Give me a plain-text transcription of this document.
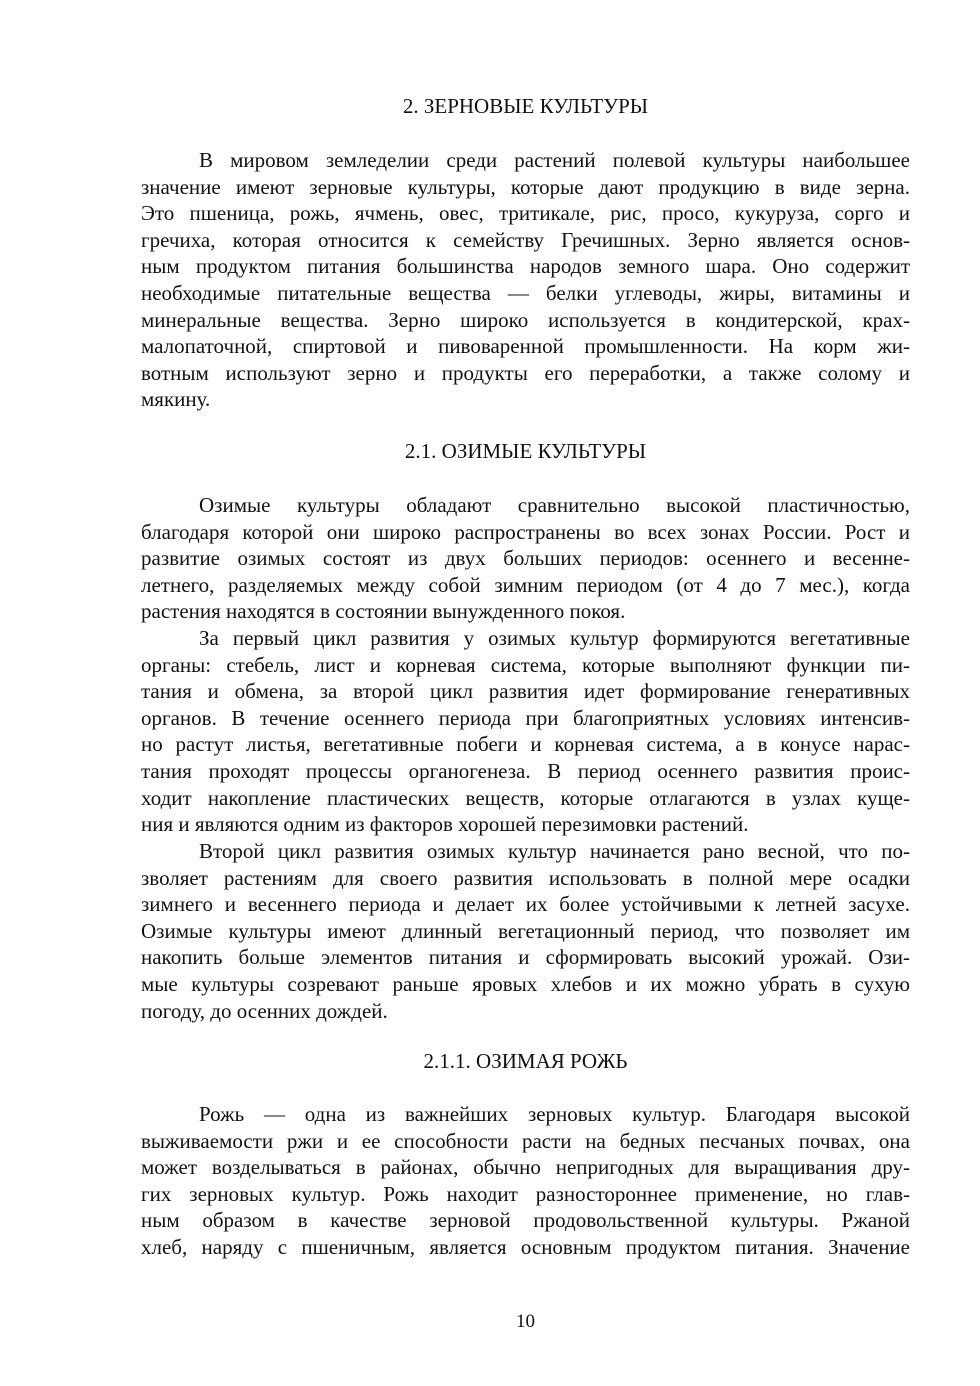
2. ЗЕРНОВЫЕ КУЛЬТУРЫ
В мировом земледелии среди растений полевой культуры наибольшее
значение имеют зерновые культуры, которые дают продукцию в виде зерна.
Это пшеница, рожь, ячмень, овес, тритикале, рис, просо, кукуруза, сорго и
гречиха, которая относится к семейству Гречишных. Зерно является основ-
ным продуктом питания большинства народов земного шара. Оно содержит
необходимые питательные вещества — белки углеводы, жиры, витамины и
минеральные вещества. Зерно широко используется в кондитерской, крах-
малопаточной, спиртовой и пивоваренной промышленности. На корм жи-
вотным используют зерно и продукты его переработки, а также солому и
мякину.
2.1. ОЗИМЫЕ КУЛЬТУРЫ
Озимые культуры обладают сравнительно высокой пластичностью,
благодаря которой они широко распространены во всех зонах России. Рост и
развитие озимых состоят из двух больших периодов: осеннего и весенне-
летнего, разделяемых между собой зимним периодом (от 4 до 7 мес.), когда
растения находятся в состоянии вынужденного покоя.
За первый цикл развития у озимых культур формируются вегетативные
органы: стебель, лист и корневая система, которые выполняют функции пи-
тания и обмена, за второй цикл развития идет формирование генеративных
органов. В течение осеннего периода при благоприятных условиях интенсив-
но растут листья, вегетативные побеги и корневая система, а в конусе нарас-
тания проходят процессы органогенеза. В период осеннего развития проис-
ходит накопление пластических веществ, которые отлагаются в узлах куще-
ния и являются одним из факторов хорошей перезимовки растений.
Второй цикл развития озимых культур начинается рано весной, что по-
зволяет растениям для своего развития использовать в полной мере осадки
зимнего и весеннего периода и делает их более устойчивыми к летней засухе.
Озимые культуры имеют длинный вегетационный период, что позволяет им
накопить больше элементов питания и сформировать высокий урожай. Ози-
мые культуры созревают раньше яровых хлебов и их можно убрать в сухую
погоду, до осенних дождей.
2.1.1. ОЗИМАЯ РОЖЬ
Рожь — одна из важнейших зерновых культур. Благодаря высокой
выживаемости ржи и ее способности расти на бедных песчаных почвах, она
может возделываться в районах, обычно непригодных для выращивания дру-
гих зерновых культур. Рожь находит разностороннее применение, но глав-
ным образом в качестве зерновой продовольственной культуры. Ржаной
хлеб, наряду с пшеничным, является основным продуктом питания. Значение
10
